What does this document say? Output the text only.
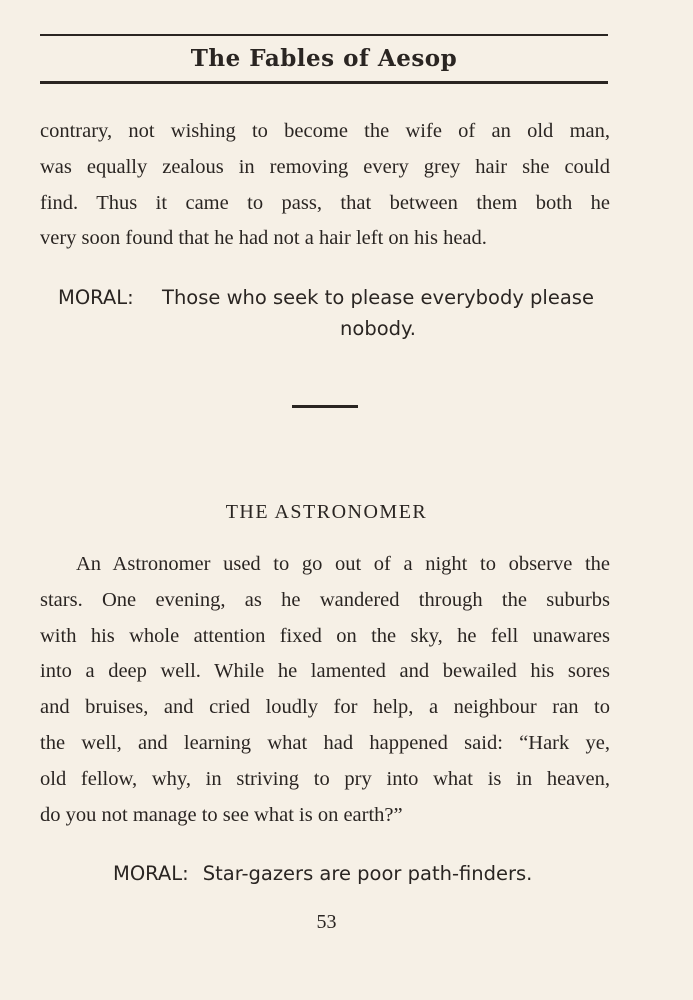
The Fables of Aesop

contrary, not wishing to become the wife of an old man,
was equally zealous in removing every grey hair she could
find. Thus it came to pass, that between them both he
very soon found that he had not a hair left on his head.

MORAL: Those who seek to please everybody please nobody.
THE ASTRONOMER

An Astronomer used to go out of a night to observe the
stars. One evening, as he wandered through the suburbs
with his whole attention fixed on the sky, he fell unawares
into a deep well. While he lamented and bewailed his sores
and bruises, and cried loudly for help, a neighbour ran to
the well, and learning what had happened said: “Hark ye,
old fellow, why, in striving to pry into what is in heaven,
do you not manage to see what is on earth?”

MORAL: Star-gazers are poor path-finders.
53
